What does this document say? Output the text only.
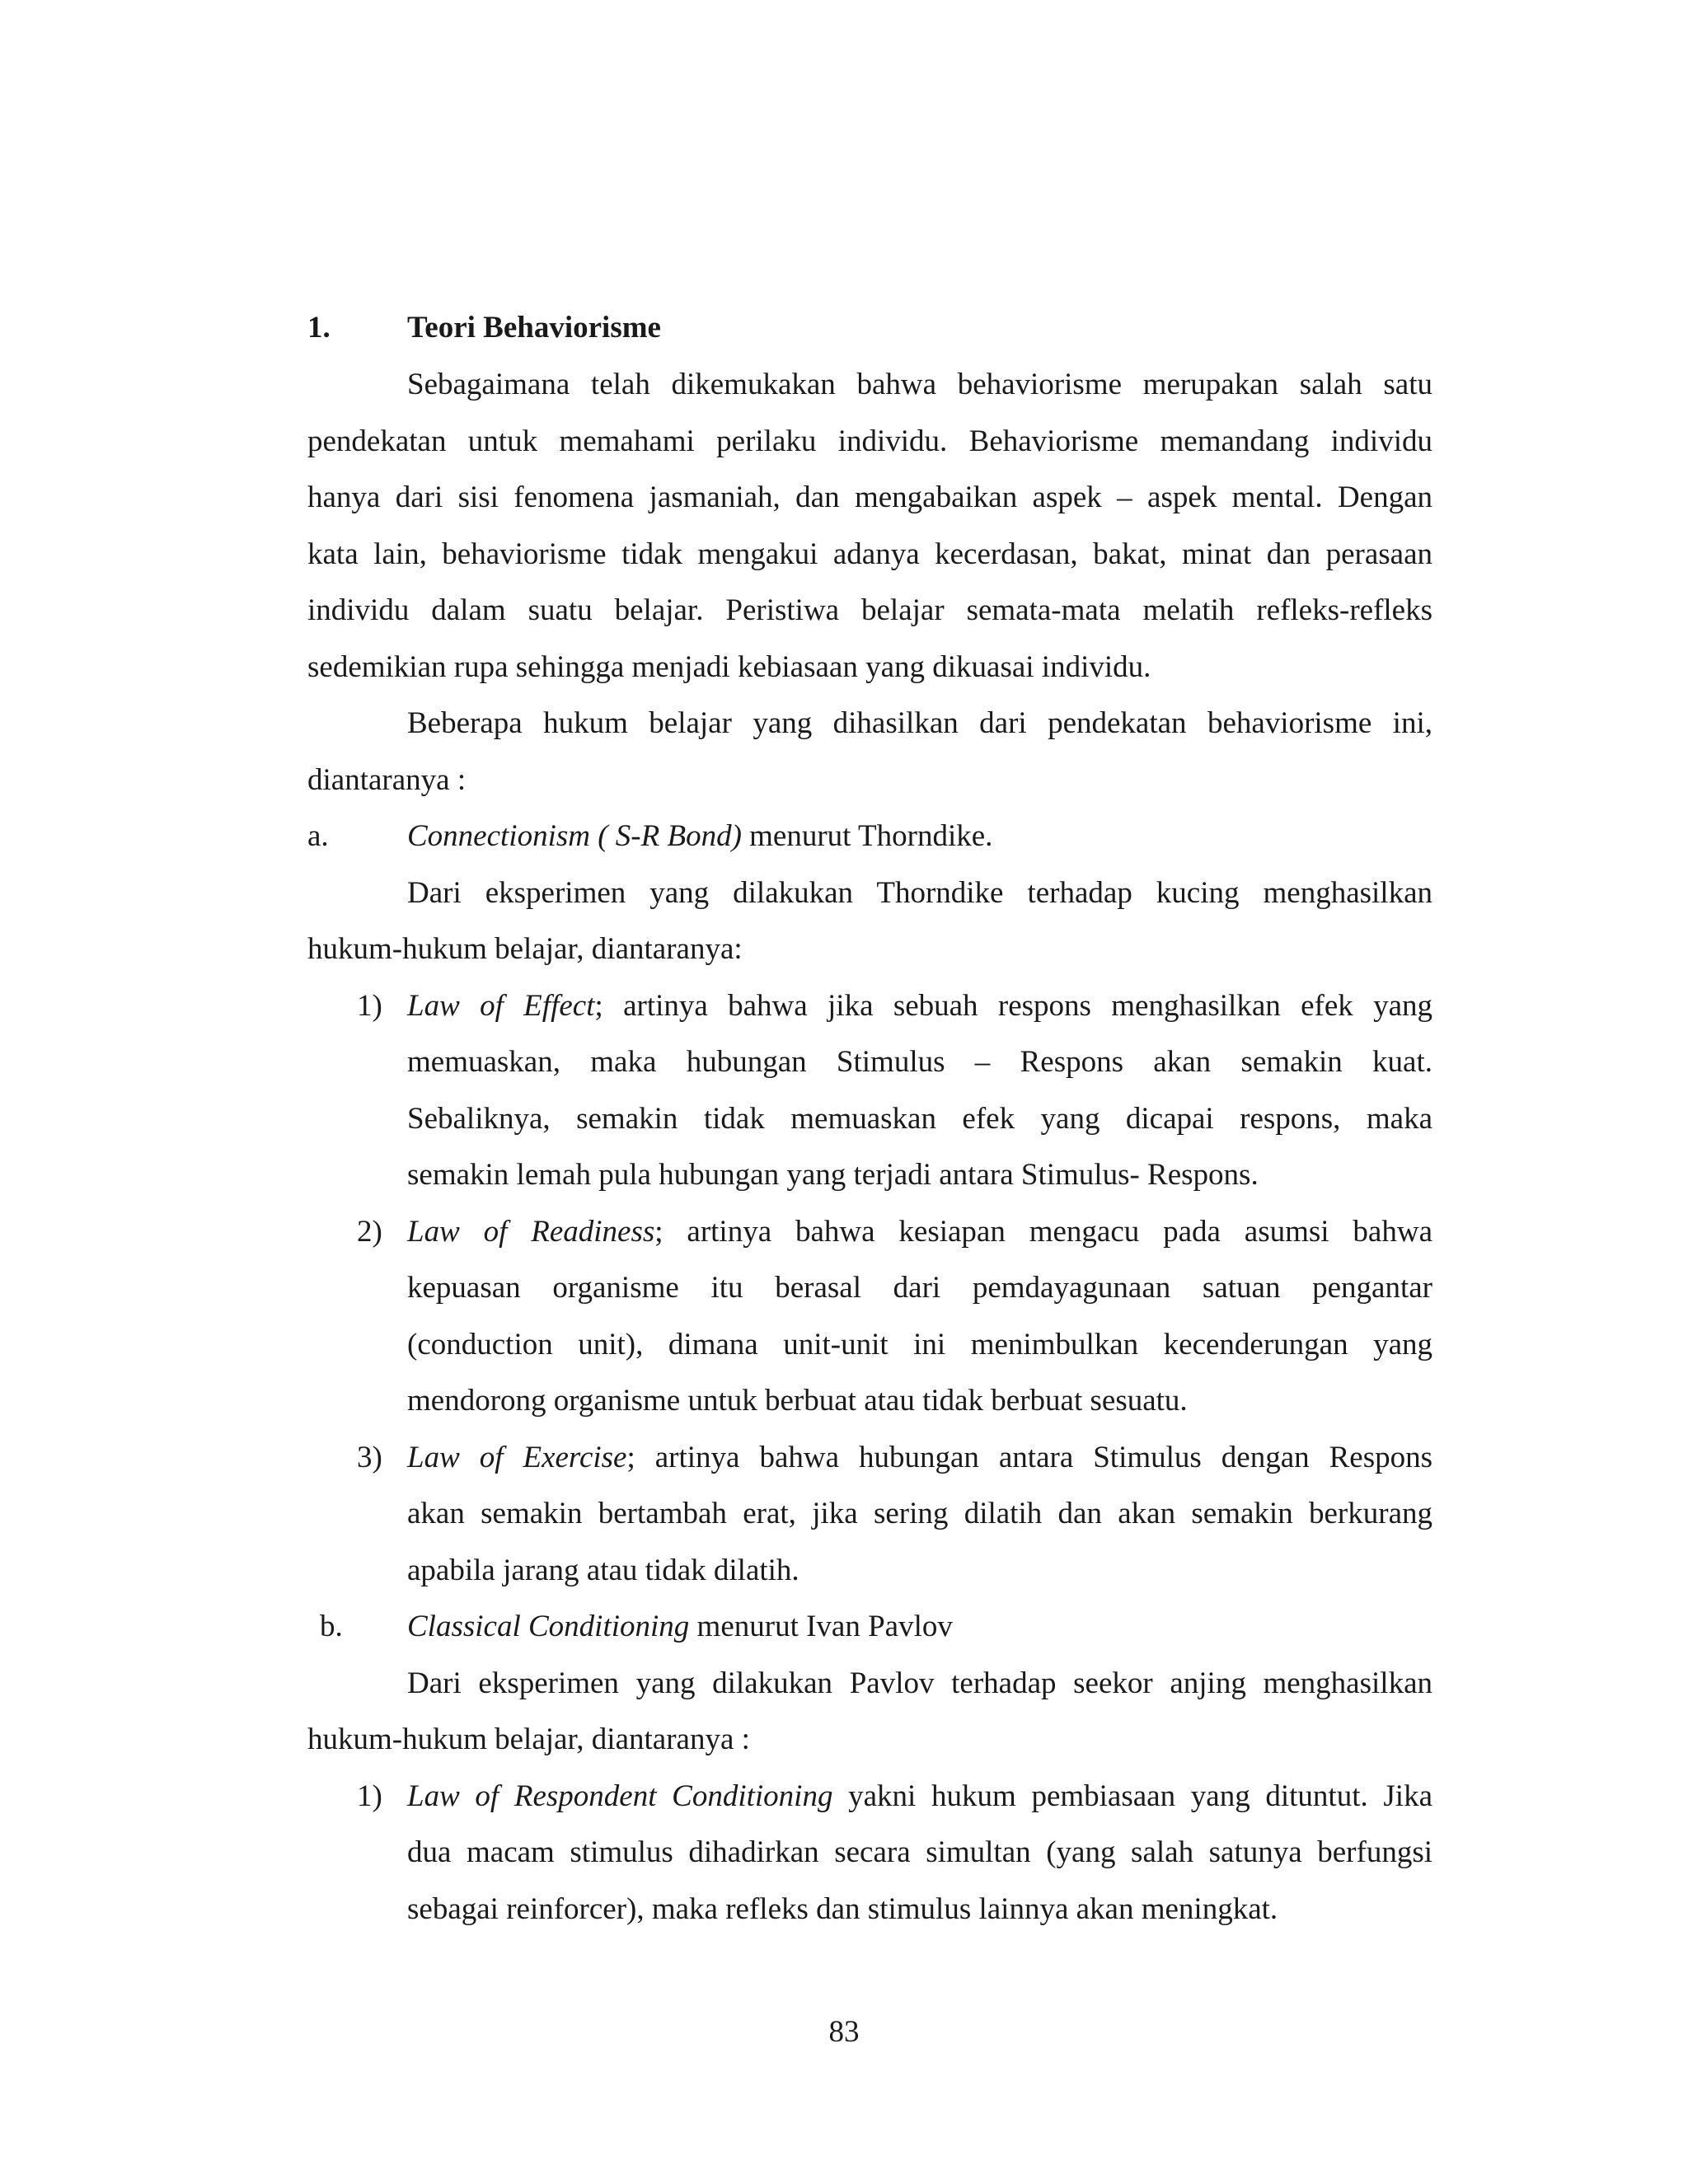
1.	Teori Behaviorisme
Sebagaimana telah dikemukakan bahwa behaviorisme merupakan salah satu
pendekatan untuk memahami perilaku individu. Behaviorisme memandang individu
hanya dari sisi fenomena jasmaniah, dan mengabaikan aspek – aspek mental. Dengan
kata lain, behaviorisme tidak mengakui adanya kecerdasan, bakat, minat dan perasaan
individu dalam suatu belajar. Peristiwa belajar semata-mata melatih refleks-refleks
sedemikian rupa sehingga menjadi kebiasaan yang dikuasai individu.
Beberapa hukum belajar yang dihasilkan dari pendekatan behaviorisme ini,
diantaranya :
a.	Connectionism ( S-R Bond) menurut Thorndike.
Dari eksperimen yang dilakukan Thorndike terhadap kucing menghasilkan
hukum-hukum belajar, diantaranya:
1) Law of Effect; artinya bahwa jika sebuah respons menghasilkan efek yang
memuaskan, maka hubungan Stimulus – Respons akan semakin kuat.
Sebaliknya, semakin tidak memuaskan efek yang dicapai respons, maka
semakin lemah pula hubungan yang terjadi antara Stimulus- Respons.
2) Law of Readiness; artinya bahwa kesiapan mengacu pada asumsi bahwa
kepuasan organisme itu berasal dari pemdayagunaan satuan pengantar
(conduction unit), dimana unit-unit ini menimbulkan kecenderungan yang
mendorong organisme untuk berbuat atau tidak berbuat sesuatu.
3) Law of Exercise; artinya bahwa hubungan antara Stimulus dengan Respons
akan semakin bertambah erat, jika sering dilatih dan akan semakin berkurang
apabila jarang atau tidak dilatih.
b. Classical Conditioning menurut Ivan Pavlov
Dari eksperimen yang dilakukan Pavlov terhadap seekor anjing menghasilkan
hukum-hukum belajar, diantaranya :
1) Law of Respondent Conditioning yakni hukum pembiasaan yang dituntut. Jika
dua macam stimulus dihadirkan secara simultan (yang salah satunya berfungsi
sebagai reinforcer), maka refleks dan stimulus lainnya akan meningkat.
83
